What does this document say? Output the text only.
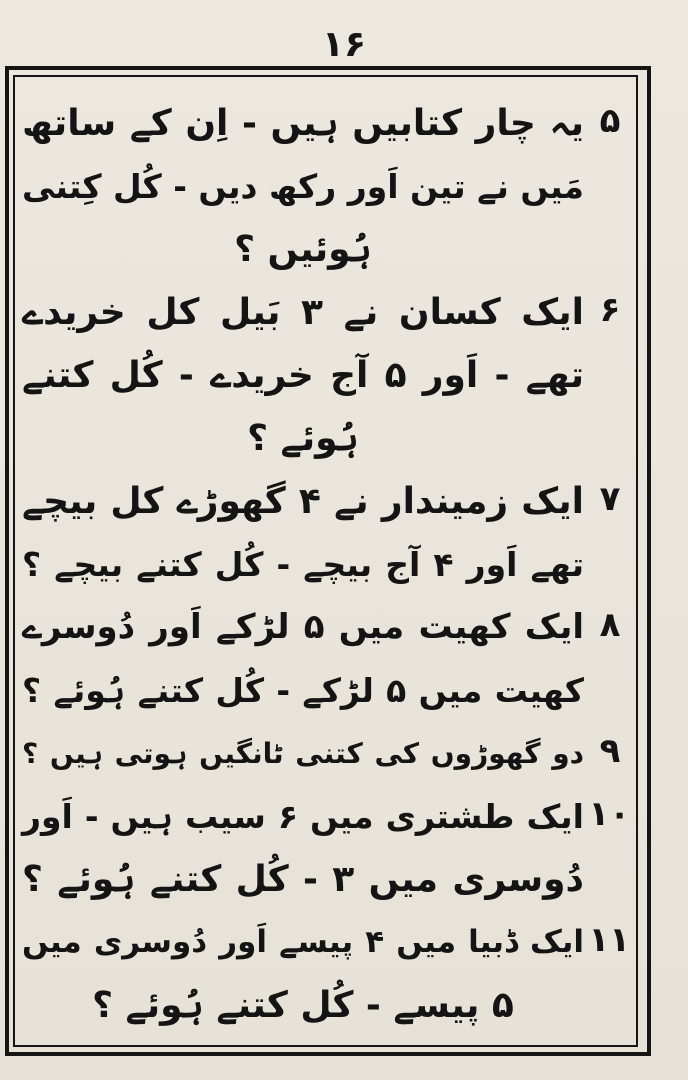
۱۶
۵
یہ چار کتابیں ہیں - اِن کے ساتھ
مَیں نے تین اَور رکھ دیں - کُل کِتنی
ہُوئیں ؟
۶
ایک کسان نے ۳ بَیل کل خریدے
تھے - اَور ۵ آج خریدے - کُل کتنے
ہُوئے ؟
۷
ایک زمیندار نے ۴ گھوڑے کل بیچے
تھے اَور ۴ آج بیچے - کُل کتنے بیچے ؟
۸
ایک کھیت میں ۵ لڑکے اَور دُوسرے
کھیت میں ۵ لڑکے - کُل کتنے ہُوئے ؟
۹
دو گھوڑوں کی کتنی ٹانگیں ہوتی ہیں ؟
۱۰
ایک طشتری میں ۶ سیب ہیں - اَور
دُوسری میں ۳ - کُل کتنے ہُوئے ؟
۱۱
ایک ڈبیا میں ۴ پیسے اَور دُوسری میں
۵ پیسے - کُل کتنے ہُوئے ؟
